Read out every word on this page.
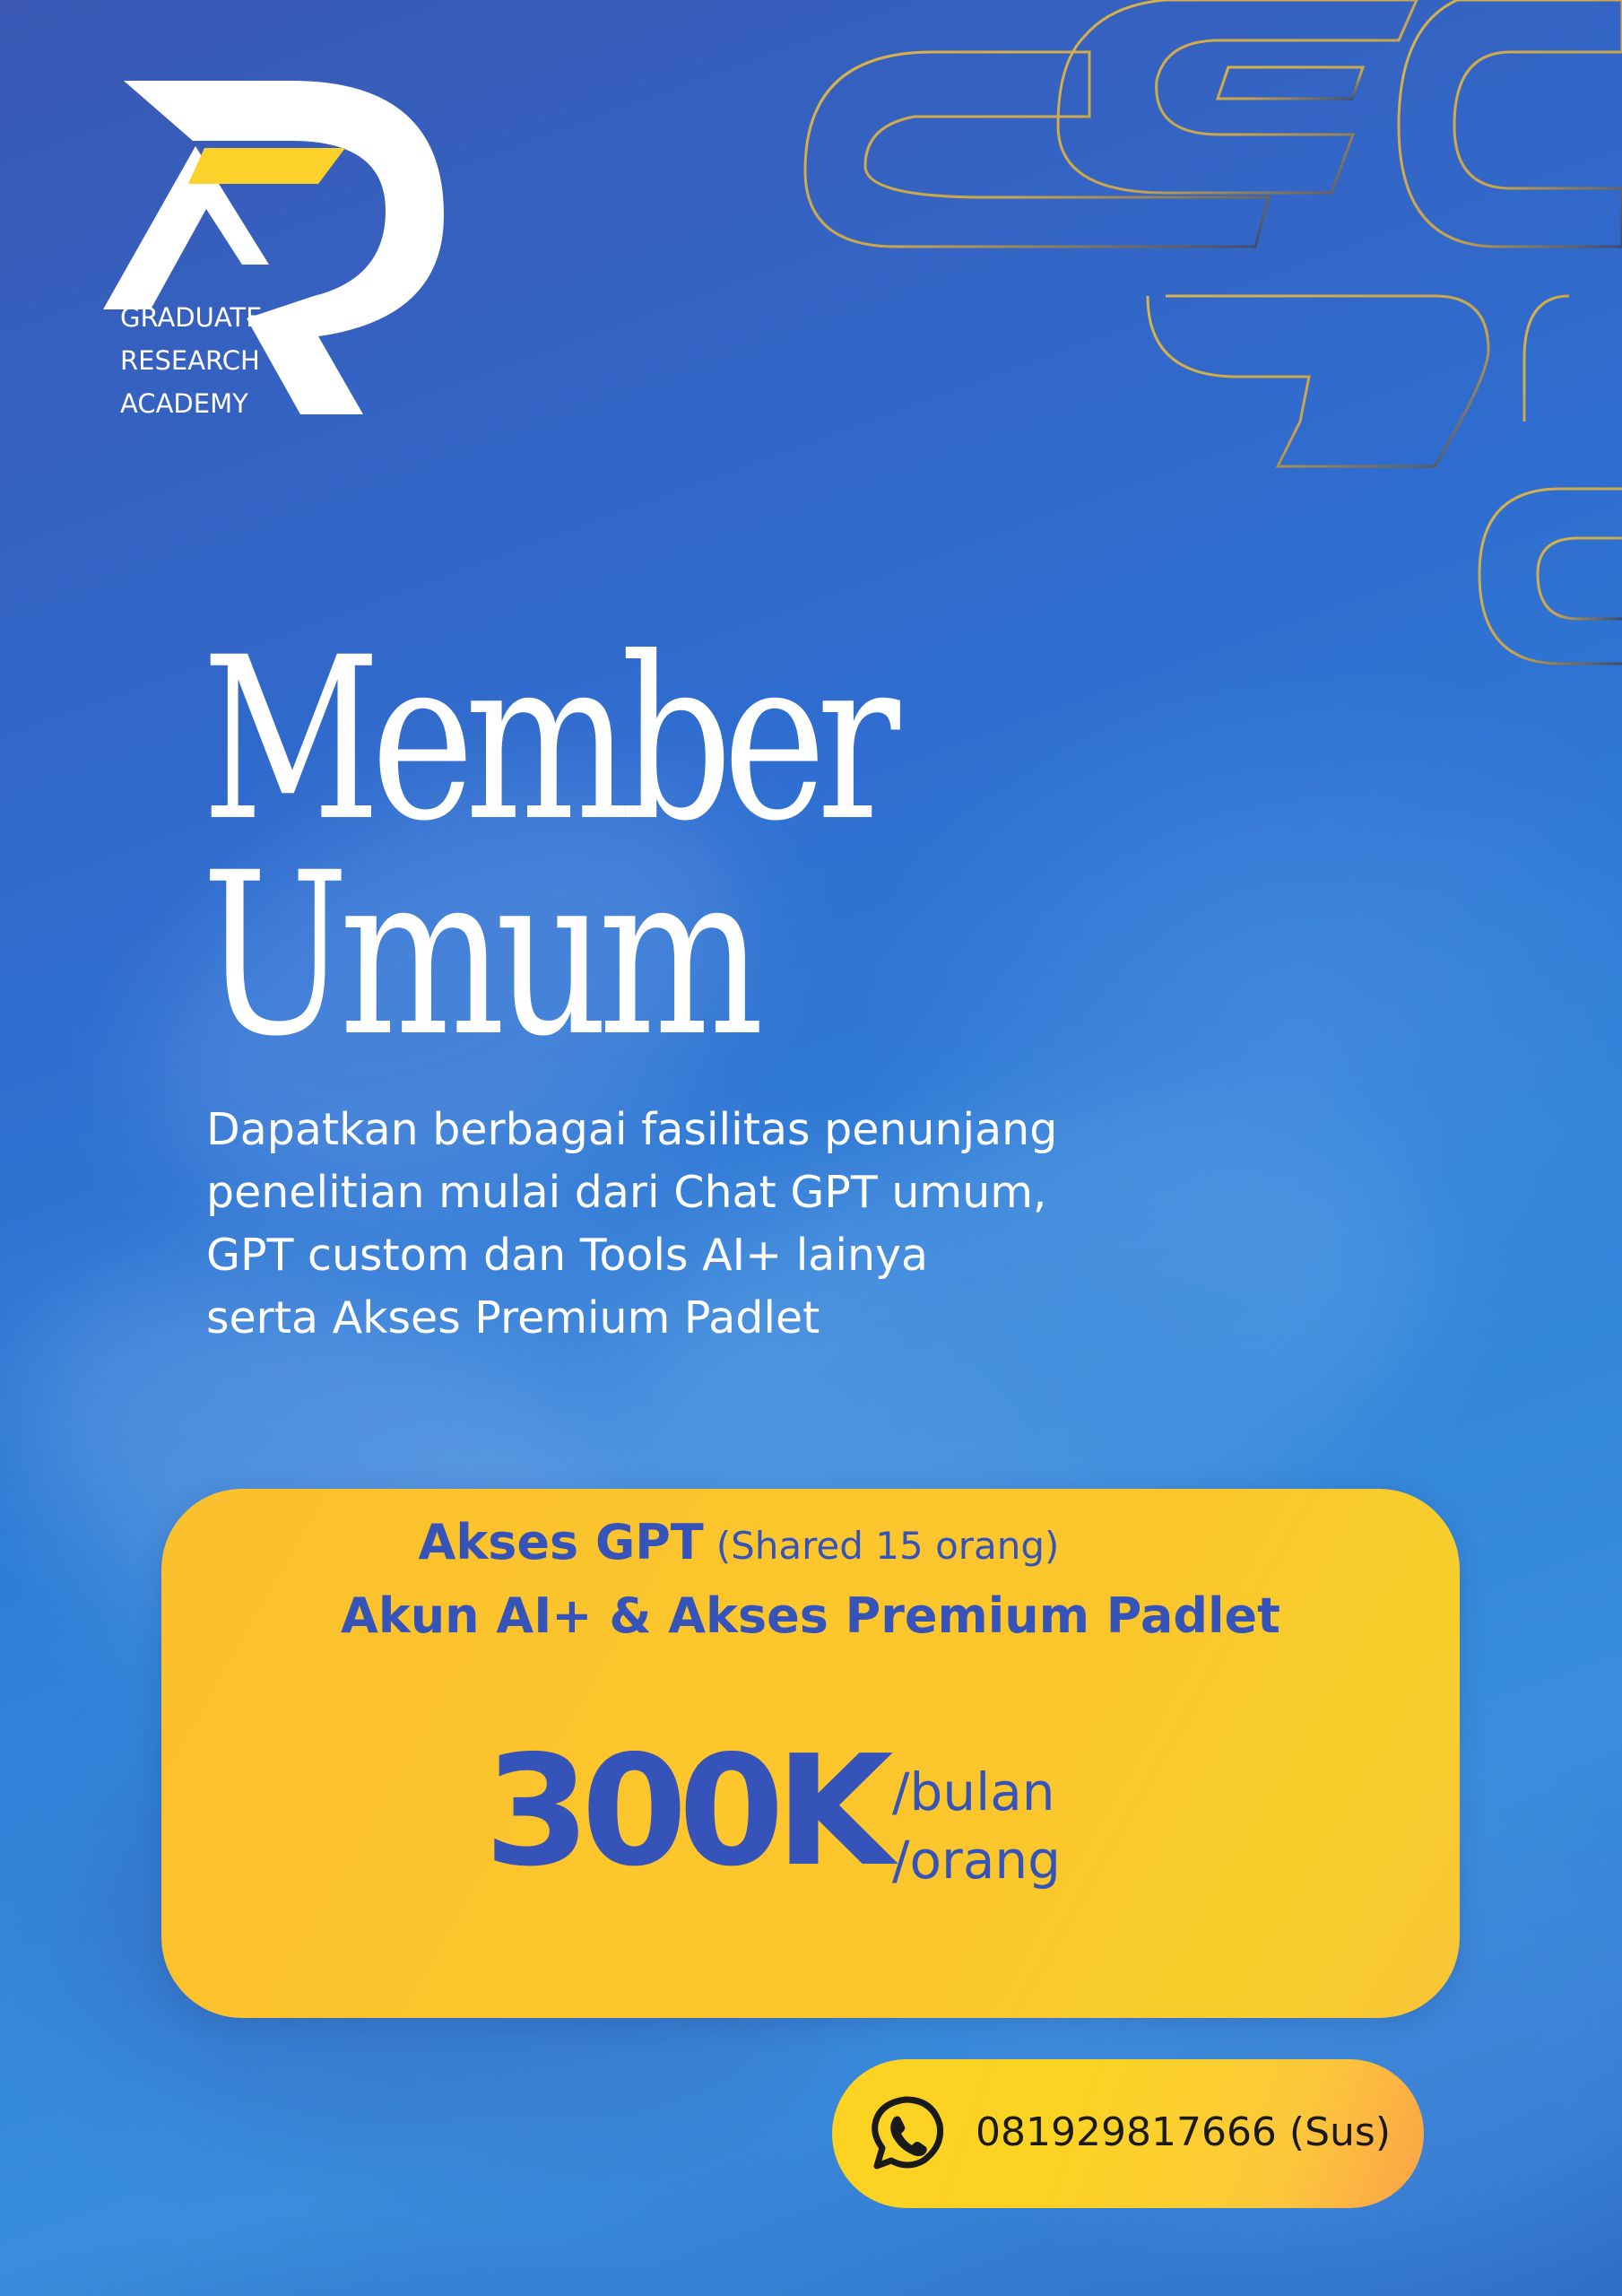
GRADUATE
RESEARCH
ACADEMY
Member
Umum
Dapatkan berbagai fasilitas penunjang
penelitian mulai dari Chat GPT umum,
GPT custom dan Tools AI+ lainya
serta Akses Premium Padlet
Akses GPT (Shared 15 orang)
Akun AI+ & Akses Premium Padlet
300K /bulan
/orang
081929817666 (Sus)
